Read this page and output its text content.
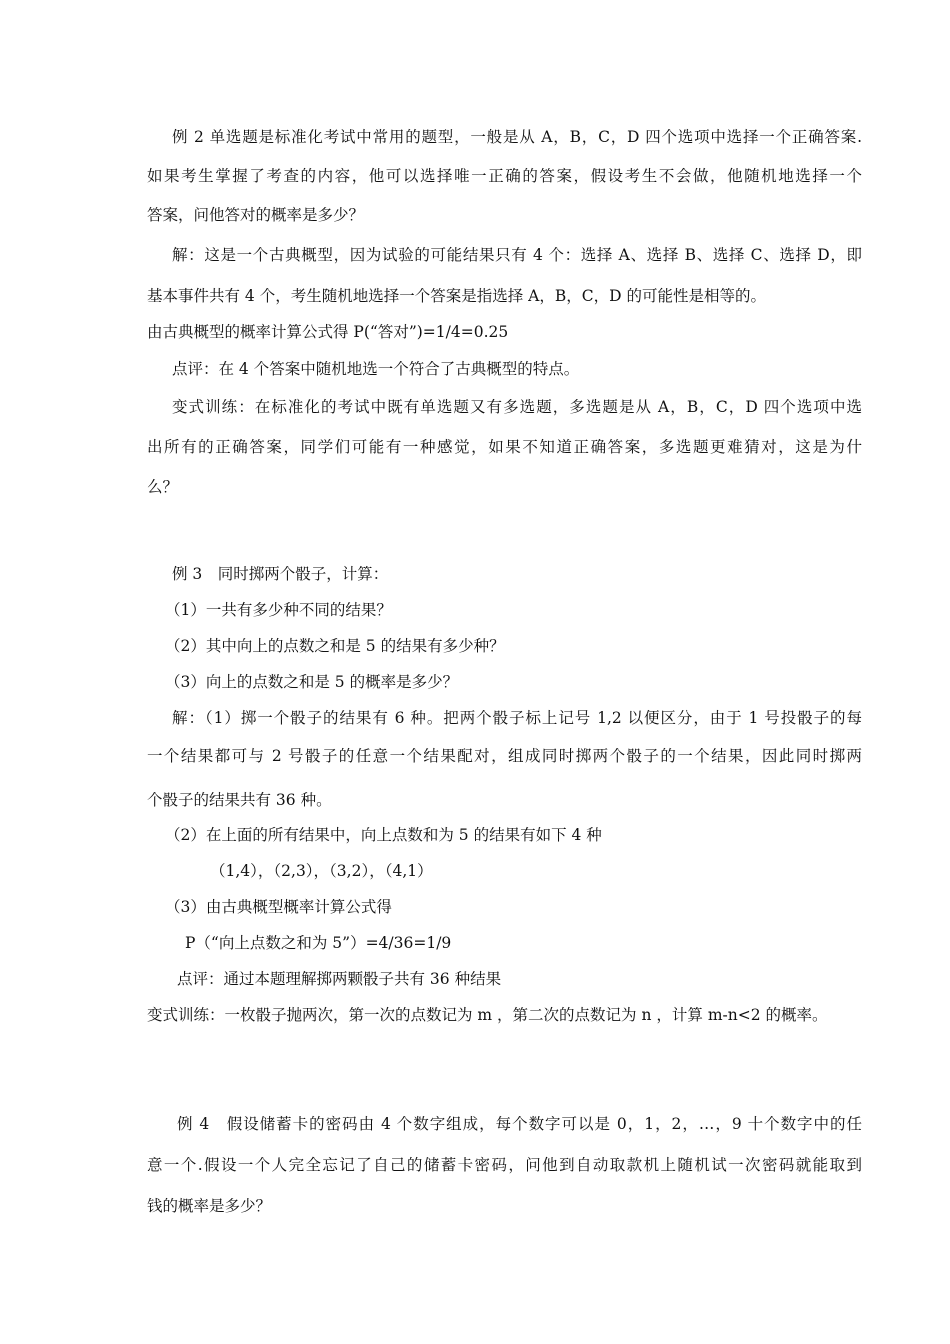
例 2 单选题是标准化考试中常用的题型，一般是从 A，B，C，D 四个选项中选择一个正确答案.

如果考生掌握了考查的内容，他可以选择唯一正确的答案，假设考生不会做，他随机地选择一个

答案，问他答对的概率是多少？

解：这是一个古典概型，因为试验的可能结果只有 4 个：选择 A、选择 B、选择 C、选择 D，即

基本事件共有 4 个，考生随机地选择一个答案是指选择 A，B，C，D 的可能性是相等的。

由古典概型的概率计算公式得 P(“答对”)=1/4=0.25

点评：在 4 个答案中随机地选一个符合了古典概型的特点。

变式训练：在标准化的考试中既有单选题又有多选题，多选题是从 A，B，C，D 四个选项中选

出所有的正确答案，同学们可能有一种感觉，如果不知道正确答案，多选题更难猜对，这是为什

么？

例 3　同时掷两个骰子，计算：

（1）一共有多少种不同的结果？

（2）其中向上的点数之和是 5 的结果有多少种？

（3）向上的点数之和是 5 的概率是多少？

解：（1）掷一个骰子的结果有 6 种。把两个骰子标上记号 1,2 以便区分，由于 1 号投骰子的每

一个结果都可与 2 号骰子的任意一个结果配对，组成同时掷两个骰子的一个结果，因此同时掷两

个骰子的结果共有 36 种。

（2）在上面的所有结果中，向上点数和为 5 的结果有如下 4 种

（1,4），（2,3），（3,2），（4,1）

（3）由古典概型概率计算公式得

P（“向上点数之和为 5”）=4/36=1/9

点评：通过本题理解掷两颗骰子共有 36 种结果

变式训练：一枚骰子抛两次，第一次的点数记为 m ，第二次的点数记为 n ，计算 m-n<2 的概率。

例 4　假设储蓄卡的密码由 4 个数字组成，每个数字可以是 0，1，2，…，9 十个数字中的任

意一个.假设一个人完全忘记了自己的储蓄卡密码，问他到自动取款机上随机试一次密码就能取到

钱的概率是多少？
